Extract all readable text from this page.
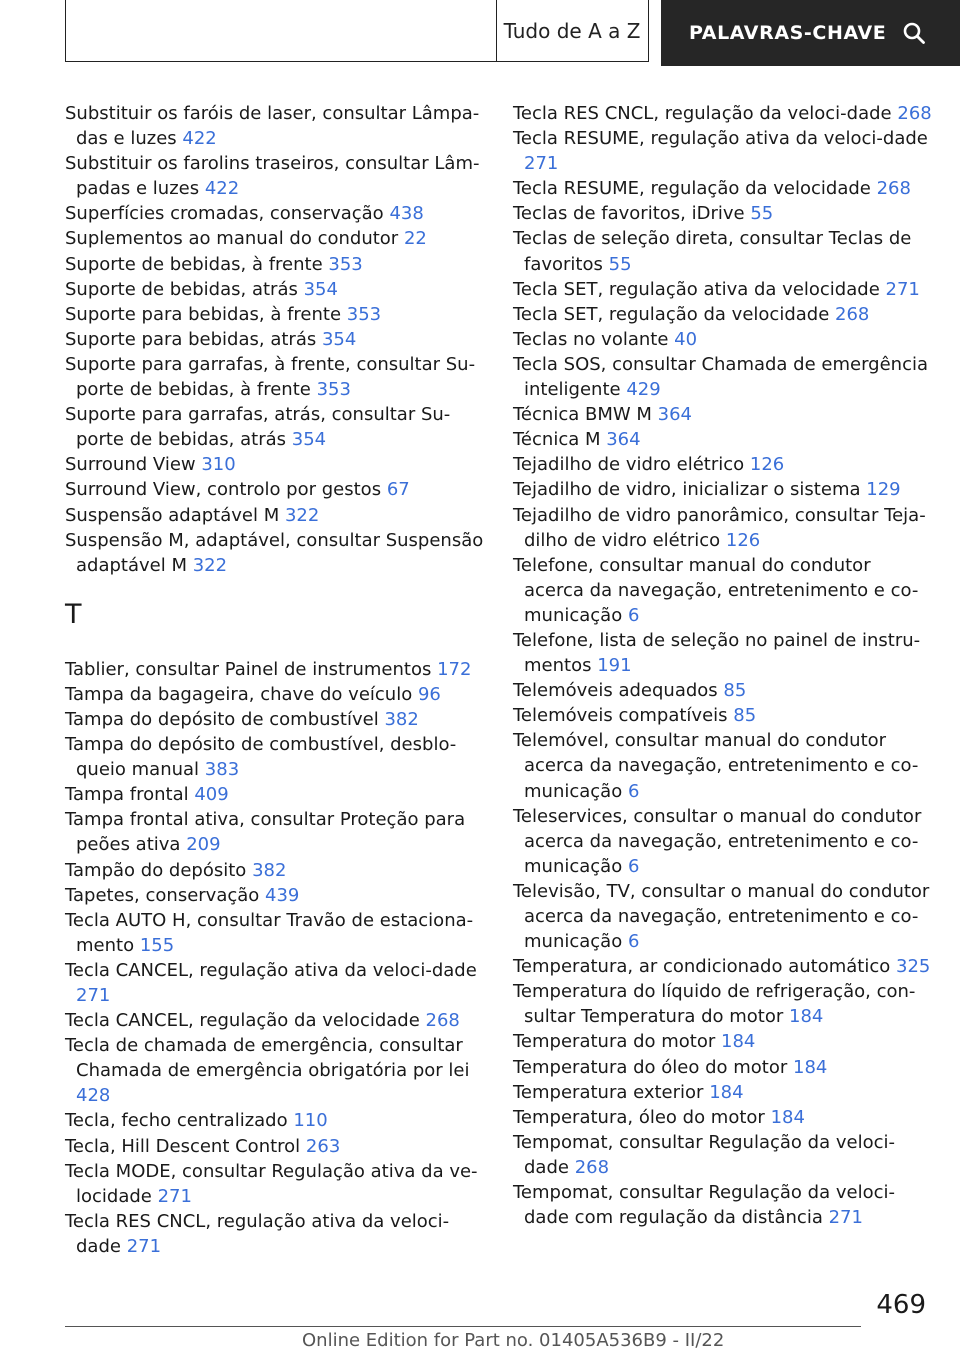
Tudo de A a Z	PALAVRAS-CHAVE
Substituir os faróis de laser, consultar Lâmpa-das e luzes 422
Substituir os farolins traseiros, consultar Lâm-padas e luzes 422
Superfícies cromadas, conservação 438
Suplementos ao manual do condutor 22
Suporte de bebidas, à frente 353
Suporte de bebidas, atrás 354
Suporte para bebidas, à frente 353
Suporte para bebidas, atrás 354
Suporte para garrafas, à frente, consultar Su-porte de bebidas, à frente 353
Suporte para garrafas, atrás, consultar Su-porte de bebidas, atrás 354
Surround View 310
Surround View, controlo por gestos 67
Suspensão adaptável M 322
Suspensão M, adaptável, consultar Suspensão adaptável M 322
T
Tablier, consultar Painel de instrumentos 172
Tampa da bagageira, chave do veículo 96
Tampa do depósito de combustível 382
Tampa do depósito de combustível, desblo-queio manual 383
Tampa frontal 409
Tampa frontal ativa, consultar Proteção para peões ativa 209
Tampão do depósito 382
Tapetes, conservação 439
Tecla AUTO H, consultar Travão de estaciona-mento 155
Tecla CANCEL, regulação ativa da veloci-dade 271
Tecla CANCEL, regulação da velocidade 268
Tecla de chamada de emergência, consultar Chamada de emergência obrigatória por lei 428
Tecla, fecho centralizado 110
Tecla, Hill Descent Control 263
Tecla MODE, consultar Regulação ativa da ve-locidade 271
Tecla RES CNCL, regulação ativa da veloci-dade 271
Tecla RES CNCL, regulação da veloci-dade 268
Tecla RESUME, regulação ativa da veloci-dade 271
Tecla RESUME, regulação da velocidade 268
Teclas de favoritos, iDrive 55
Teclas de seleção direta, consultar Teclas de favoritos 55
Tecla SET, regulação ativa da velocidade 271
Tecla SET, regulação da velocidade 268
Teclas no volante 40
Tecla SOS, consultar Chamada de emergência inteligente 429
Técnica BMW M 364
Técnica M 364
Tejadilho de vidro elétrico 126
Tejadilho de vidro, inicializar o sistema 129
Tejadilho de vidro panorâmico, consultar Teja-dilho de vidro elétrico 126
Telefone, consultar manual do condutor acerca da navegação, entretenimento e co-municação 6
Telefone, lista de seleção no painel de instru-mentos 191
Telemóveis adequados 85
Telemóveis compatíveis 85
Telemóvel, consultar manual do condutor acerca da navegação, entretenimento e co-municação 6
Teleservices, consultar o manual do condutor acerca da navegação, entretenimento e co-municação 6
Televisão, TV, consultar o manual do condutor acerca da navegação, entretenimento e co-municação 6
Temperatura, ar condicionado automático 325
Temperatura do líquido de refrigeração, con-sultar Temperatura do motor 184
Temperatura do motor 184
Temperatura do óleo do motor 184
Temperatura exterior 184
Temperatura, óleo do motor 184
Tempomat, consultar Regulação da veloci-dade 268
Tempomat, consultar Regulação da veloci-dade com regulação da distância 271
469
Online Edition for Part no. 01405A536B9 - II/22
